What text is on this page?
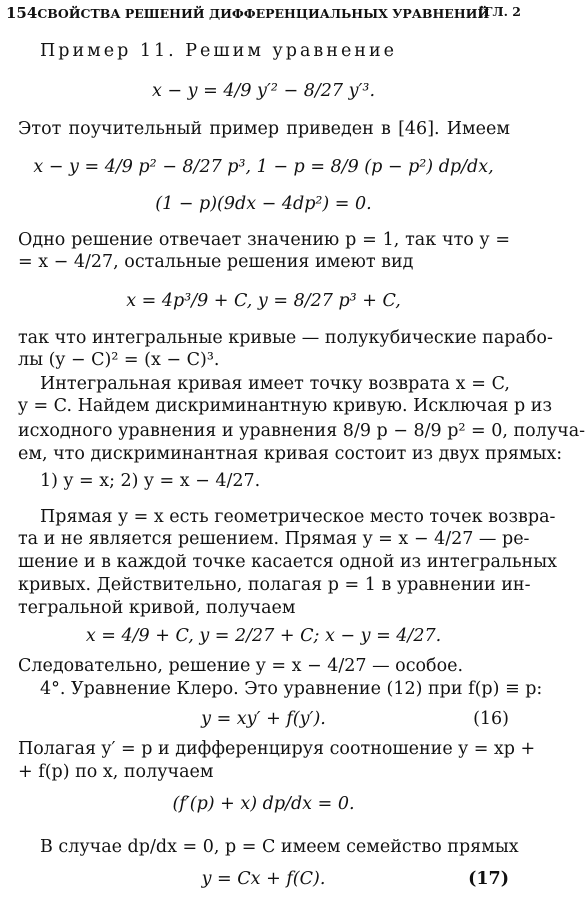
154СВОЙСТВА РЕШЕНИЙ ДИФФЕРЕНЦИАЛЬНЫХ УРАВНЕНИЙ
[ГЛ. 2
Пример 11. Решим уравнение
x − y = 4/9 y′² − 8/27 y′³.
Этот поучительный пример приведен в [46]. Имеем
x − y = 4/9 p² − 8/27 p³, 1 − p = 8/9 (p − p²) dp/dx,
(1 − p)(9dx − 4dp²) = 0.
Одно решение отвечает значению p = 1, так что y =
= x − 4/27, остальные решения имеют вид
x = 4p³/9 + C, y = 8/27 p³ + C,
так что интегральные кривые — полукубические парабо-
лы (y − C)² = (x − C)³.
Интегральная кривая имеет точку возврата x = C,
y = C. Найдем дискриминантную кривую. Исключая p из
исходного уравнения и уравнения 8/9 p − 8/9 p² = 0, получа-
ем, что дискриминантная кривая состоит из двух прямых:
1) y = x; 2) y = x − 4/27.
Прямая y = x есть геометрическое место точек возвра-
та и не является решением. Прямая y = x − 4/27 — ре-
шение и в каждой точке касается одной из интегральных
кривых. Действительно, полагая p = 1 в уравнении ин-
тегральной кривой, получаем
x = 4/9 + C, y = 2/27 + C; x − y = 4/27.
Следовательно, решение y = x − 4/27 — особое.
4°. Уравнение Клеро. Это уравнение (12) при f(p) ≡ p:
y = xy′ + f(y′).	(16)
Полагая y′ = p и дифференцируя соотношение y = xp +
+ f(p) по x, получаем
(f′(p) + x) dp/dx = 0.
В случае dp/dx = 0, p = C имеем семейство прямых
y = Cx + f(C).	(17)
